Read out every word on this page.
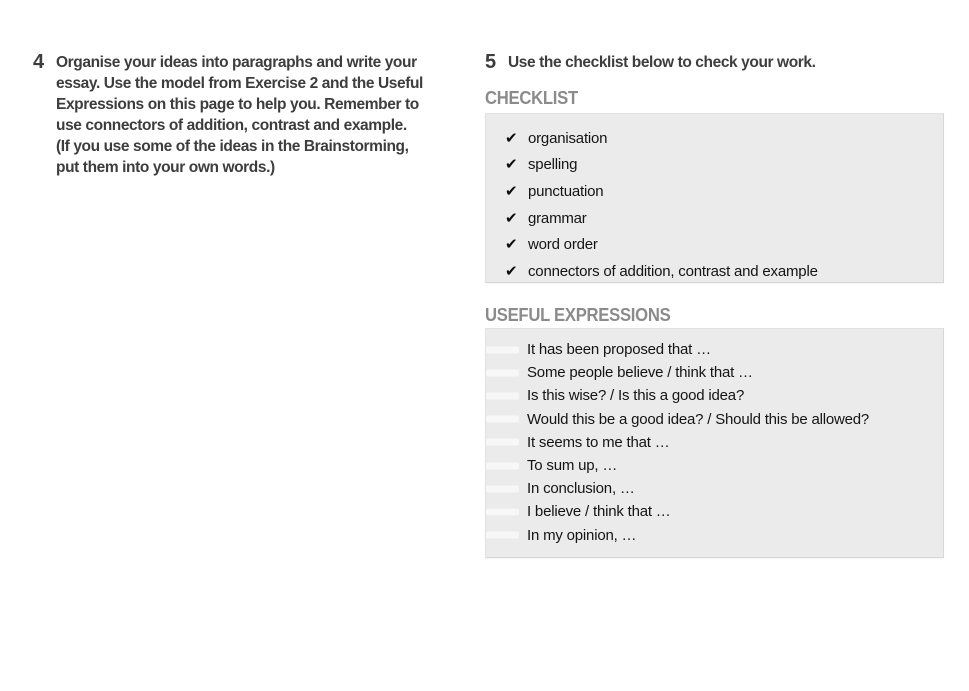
4 Organise your ideas into paragraphs and write your
essay. Use the model from Exercise 2 and the Useful
Expressions on this page to help you. Remember to
use connectors of addition, contrast and example.
(If you use some of the ideas in the Brainstorming,
put them into your own words.)
5 Use the checklist below to check your work.
CHECKLIST
✔ organisation
✔ spelling
✔ punctuation
✔ grammar
✔ word order
✔ connectors of addition, contrast and example
USEFUL EXPRESSIONS
It has been proposed that …
Some people believe / think that …
Is this wise? / Is this a good idea?
Would this be a good idea? / Should this be allowed?
It seems to me that …
To sum up, …
In conclusion, …
I believe / think that …
In my opinion, …
